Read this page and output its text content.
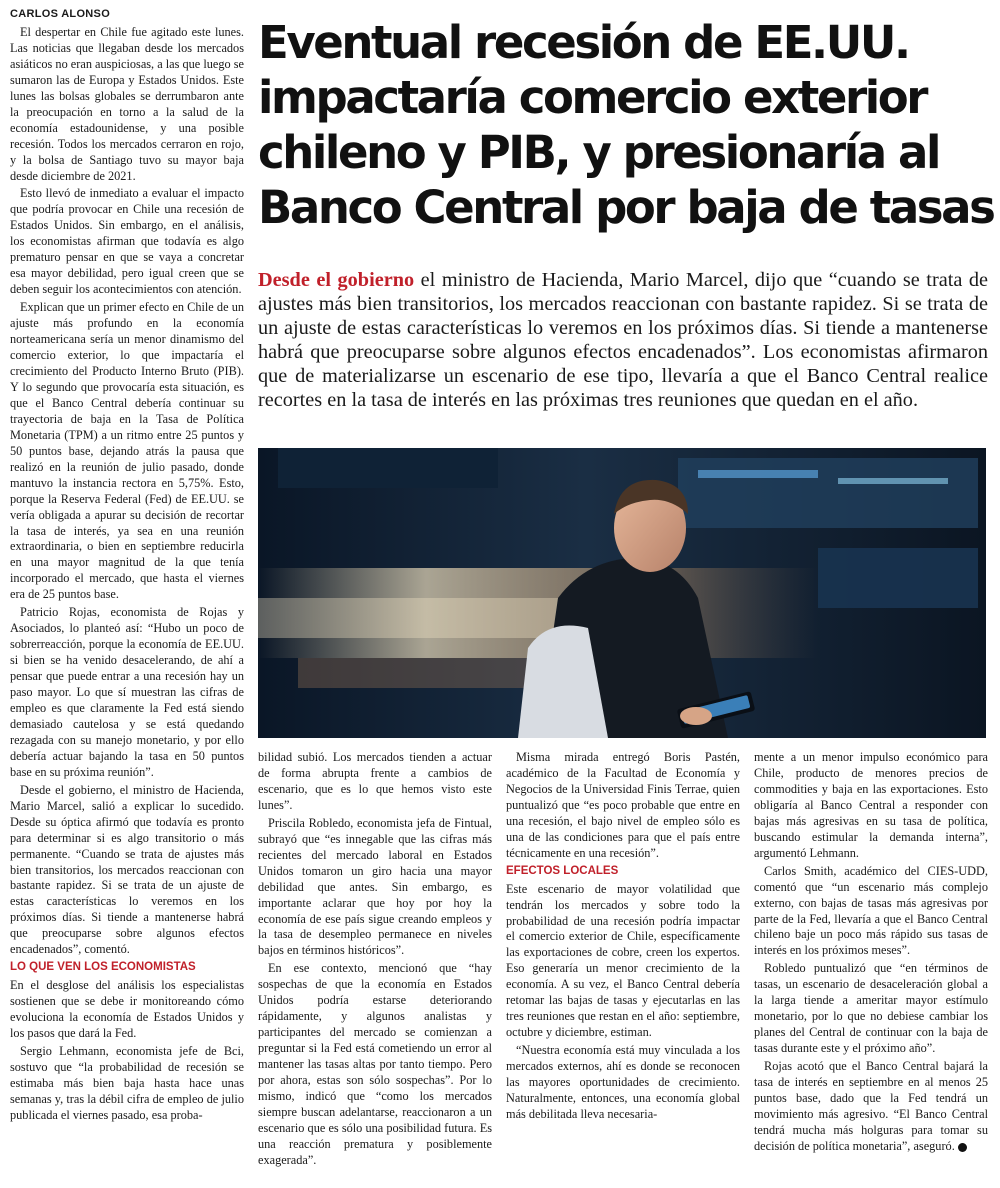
CARLOS ALONSO

El despertar en Chile fue agitado este lunes. Las noticias que llegaban desde los mercados asiáticos no eran auspiciosas, a las que luego se sumaron las de Europa y Estados Unidos. Este lunes las bolsas globales se derrumbaron ante la preocupación en torno a la salud de la economía estadounidense, y una posible recesión. Todos los mercados cerraron en rojo, y la bolsa de Santiago tuvo su mayor baja desde diciembre de 2021.

Esto llevó de inmediato a evaluar el impacto que podría provocar en Chile una recesión de Estados Unidos. Sin embargo, en el análisis, los economistas afirman que todavía es algo prematuro pensar en que se vaya a concretar esa mayor debilidad, pero igual creen que se deben seguir los acontecimientos con atención.

Explican que un primer efecto en Chile de un ajuste más profundo en la economía norteamericana sería un menor dinamismo del comercio exterior, lo que impactaría el crecimiento del Producto Interno Bruto (PIB). Y lo segundo que provocaría esta situación, es que el Banco Central debería continuar su trayectoria de baja en la Tasa de Política Monetaria (TPM) a un ritmo entre 25 puntos y 50 puntos base, dejando atrás la pausa que realizó en la reunión de julio pasado, donde mantuvo la instancia rectora en 5,75%. Esto, porque la Reserva Federal (Fed) de EE.UU. se vería obligada a apurar su decisión de recortar la tasa de interés, ya sea en una reunión extraordinaria, o bien en septiembre reducirla en una mayor magnitud de la que tenía incorporado el mercado, que hasta el viernes era de 25 puntos base.

Patricio Rojas, economista de Rojas y Asociados, lo planteó así: “Hubo un poco de sobrerreacción, porque la economía de EE.UU. si bien se ha venido desacelerando, de ahí a pensar que puede entrar a una recesión hay un paso mayor. Lo que sí muestran las cifras de empleo es que claramente la Fed está siendo demasiado cautelosa y se está quedando rezagada con su manejo monetario, y por ello debería actuar bajando la tasa en 50 puntos base en su próxima reunión”.

Desde el gobierno, el ministro de Hacienda, Mario Marcel, salió a explicar lo sucedido. Desde su óptica afirmó que todavía es pronto para determinar si es algo transitorio o más permanente. “Cuando se trata de ajustes más bien transitorios, los mercados reaccionan con bastante rapidez. Si se trata de un ajuste de estas características lo veremos en los próximos días. Si tiende a mantenerse habrá que preocuparse sobre algunos efectos encadenados”, comentó.

LO QUE VEN LOS ECONOMISTAS

En el desglose del análisis los especialistas sostienen que se debe ir monitoreando cómo evoluciona la economía de Estados Unidos y los pasos que dará la Fed.

Sergio Lehmann, economista jefe de Bci, sostuvo que “la probabilidad de recesión se estimaba más bien baja hasta hace unas semanas y, tras la débil cifra de empleo de julio publicada el viernes pasado, esa proba-

Eventual recesión de EE.UU. impactaría comercio exterior chileno y PIB, y presionaría al Banco Central por baja de tasas

Desde el gobierno el ministro de Hacienda, Mario Marcel, dijo que “cuando se trata de ajustes más bien transitorios, los mercados reaccionan con bastante rapidez. Si se trata de un ajuste de estas características lo veremos en los próximos días. Si tiende a mantenerse habrá que preocuparse sobre algunos efectos encadenados”. Los economistas afirmaron que de materializarse un escenario de ese tipo, llevaría a que el Banco Central realice recortes en la tasa de interés en las próximas tres reuniones que quedan en el año.

bilidad subió. Los mercados tienden a actuar de forma abrupta frente a cambios de escenario, que es lo que hemos visto este lunes”.

Priscila Robledo, economista jefa de Fintual, subrayó que “es innegable que las cifras más recientes del mercado laboral en Estados Unidos tomaron un giro hacia una mayor debilidad que antes. Sin embargo, es importante aclarar que hoy por hoy la economía de ese país sigue creando empleos y la tasa de desempleo permanece en niveles bajos en términos históricos”.

En ese contexto, mencionó que “hay sospechas de que la economía en Estados Unidos podría estarse deteriorando rápidamente, y algunos analistas y participantes del mercado se comienzan a preguntar si la Fed está cometiendo un error al mantener las tasas altas por tanto tiempo. Pero por ahora, estas son sólo sospechas”. Por lo mismo, indicó que “como los mercados siempre buscan adelantarse, reaccionaron a un escenario que es sólo una posibilidad futura. Es una reacción prematura y posiblemente exagerada”.

Misma mirada entregó Boris Pastén, académico de la Facultad de Economía y Negocios de la Universidad Finis Terrae, quien puntualizó que “es poco probable que entre en una recesión, el bajo nivel de empleo sólo es una de las condiciones para que el país entre técnicamente en una recesión”.

EFECTOS LOCALES

Este escenario de mayor volatilidad que tendrán los mercados y sobre todo la probabilidad de una recesión podría impactar el comercio exterior de Chile, específicamente las exportaciones de cobre, creen los expertos. Eso generaría un menor crecimiento de la economía. A su vez, el Banco Central debería retomar las bajas de tasas y ejecutarlas en las tres reuniones que restan en el año: septiembre, octubre y diciembre, estiman.

“Nuestra economía está muy vinculada a los mercados externos, ahí es donde se reconocen las mayores oportunidades de crecimiento. Naturalmente, entonces, una economía global más debilitada lleva necesaria-

mente a un menor impulso económico para Chile, producto de menores precios de commodities y baja en las exportaciones. Esto obligaría al Banco Central a responder con bajas más agresivas en su tasa de política, buscando estimular la demanda interna”, argumentó Lehmann.

Carlos Smith, académico del CIES-UDD, comentó que “un escenario más complejo externo, con bajas de tasas más agresivas por parte de la Fed, llevaría a que el Banco Central chileno baje un poco más rápido sus tasas de interés en los próximos meses”.

Robledo puntualizó que “en términos de tasas, un escenario de desaceleración global a la larga tiende a ameritar mayor estímulo monetario, por lo que no debiese cambiar los planes del Central de continuar con la baja de tasas durante este y el próximo año”.

Rojas acotó que el Banco Central bajará la tasa de interés en septiembre en al menos 25 puntos base, dado que la Fed tendrá un movimiento más agresivo. “El Banco Central tendrá mucha más holguras para tomar su decisión de política monetaria”, aseguró.
